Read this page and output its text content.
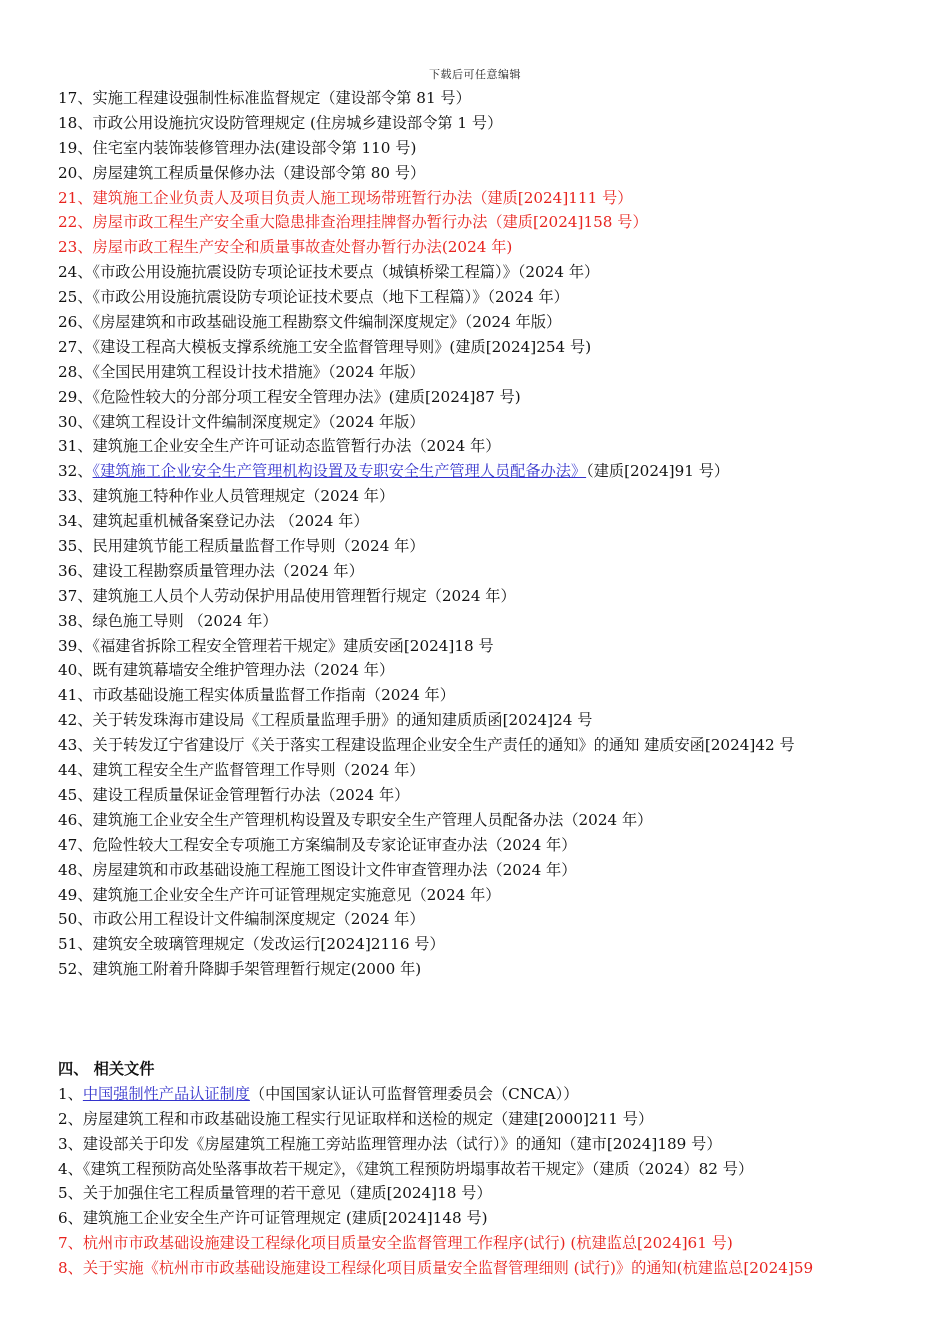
下载后可任意编辑
17、实施工程建设强制性标准监督规定（建设部令第 81 号）
18、市政公用设施抗灾设防管理规定 (住房城乡建设部令第 1 号）
19、住宅室内装饰装修管理办法(建设部令第 110 号)
20、房屋建筑工程质量保修办法（建设部令第 80 号）
21、建筑施工企业负责人及项目负责人施工现场带班暂行办法（建质[2024]111 号）
22、房屋市政工程生产安全重大隐患排查治理挂牌督办暂行办法（建质[2024]158 号）
23、房屋市政工程生产安全和质量事故查处督办暂行办法(2024 年)
24、《市政公用设施抗震设防专项论证技术要点（城镇桥梁工程篇）》（2024 年）
25、《市政公用设施抗震设防专项论证技术要点（地下工程篇）》（2024 年）
26、《房屋建筑和市政基础设施工程勘察文件编制深度规定》（2024 年版）
27、《建设工程高大模板支撑系统施工安全监督管理导则》(建质[2024]254 号)
28、《全国民用建筑工程设计技术措施》（2024 年版）
29、《危险性较大的分部分项工程安全管理办法》(建质[2024]87 号)
30、《建筑工程设计文件编制深度规定》（2024 年版）
31、建筑施工企业安全生产许可证动态监管暂行办法（2024 年）
32、《建筑施工企业安全生产管理机构设置及专职安全生产管理人员配备办法》（建质[2024]91 号）
33、建筑施工特种作业人员管理规定（2024 年）
34、建筑起重机械备案登记办法 （2024 年）
35、民用建筑节能工程质量监督工作导则（2024 年）
36、建设工程勘察质量管理办法（2024 年）
37、建筑施工人员个人劳动保护用品使用管理暂行规定（2024 年）
38、绿色施工导则 （2024 年）
39、《福建省拆除工程安全管理若干规定》建质安函[2024]18 号
40、既有建筑幕墙安全维护管理办法（2024 年）
41、市政基础设施工程实体质量监督工作指南（2024 年）
42、关于转发珠海市建设局《工程质量监理手册》的通知建质质函[2024]24 号
43、关于转发辽宁省建设厅《关于落实工程建设监理企业安全生产责任的通知》的通知 建质安函[2024]42 号
44、建筑工程安全生产监督管理工作导则（2024 年）
45、建设工程质量保证金管理暂行办法（2024 年）
46、建筑施工企业安全生产管理机构设置及专职安全生产管理人员配备办法（2024 年）
47、危险性较大工程安全专项施工方案编制及专家论证审查办法（2024 年）
48、房屋建筑和市政基础设施工程施工图设计文件审查管理办法（2024 年）
49、建筑施工企业安全生产许可证管理规定实施意见（2024 年）
50、市政公用工程设计文件编制深度规定（2024 年）
51、建筑安全玻璃管理规定（发改运行[2024]2116 号）
52、建筑施工附着升降脚手架管理暂行规定(2000 年)
四、 相关文件
1、中国强制性产品认证制度（中国国家认证认可监督管理委员会（CNCA））
2、房屋建筑工程和市政基础设施工程实行见证取样和送检的规定（建建[2000]211 号）
3、建设部关于印发《房屋建筑工程施工旁站监理管理办法（试行）》的通知（建市[2024]189 号）
4、《建筑工程预防高处坠落事故若干规定》，《建筑工程预防坍塌事故若干规定》（建质（2024）82 号）
5、关于加强住宅工程质量管理的若干意见（建质[2024]18 号）
6、建筑施工企业安全生产许可证管理规定 (建质[2024]148 号)
7、杭州市市政基础设施建设工程绿化项目质量安全监督管理工作程序(试行) (杭建监总[2024]61 号)
8、关于实施《杭州市市政基础设施建设工程绿化项目质量安全监督管理细则 (试行)》的通知(杭建监总[2024]59
